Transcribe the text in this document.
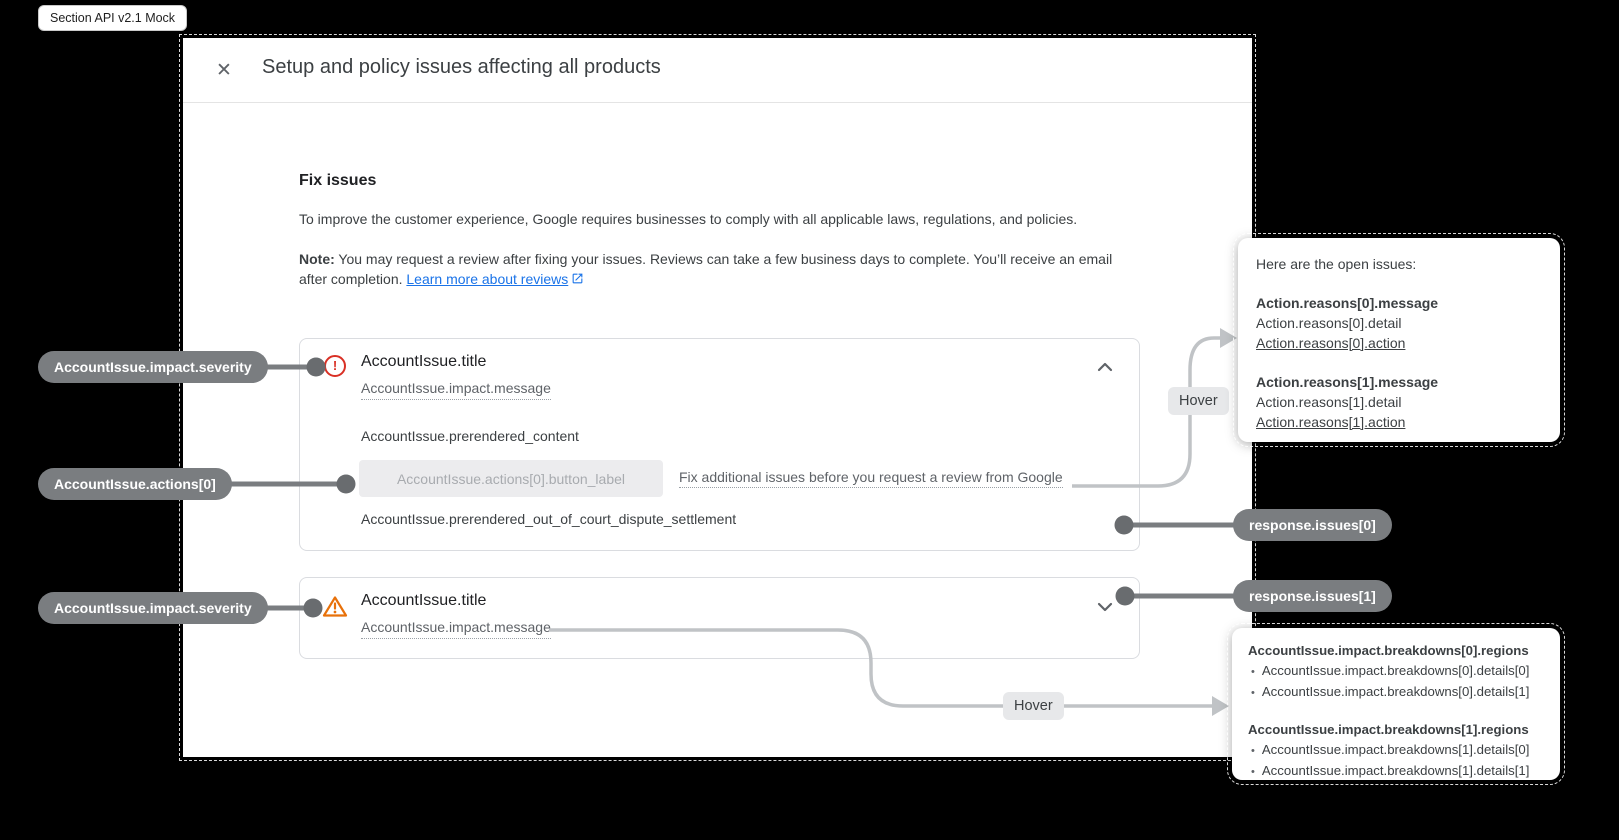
Section API v2.1 Mock
✕ Setup and policy issues affecting all products
Fix issues
To improve the customer experience, Google requires businesses to comply with all applicable laws, regulations, and policies.
Note: You may request a review after fixing your issues. Reviews can take a few business days to complete. You’ll receive an email after completion. Learn more about reviews
!	AccountIssue.title
AccountIssue.impact.message
AccountIssue.prerendered_content
AccountIssue.actions[0].button_label	Fix additional issues before you request a review from Google
AccountIssue.prerendered_out_of_court_dispute_settlement
AccountIssue.title
AccountIssue.impact.message
AccountIssue.impact.severity
AccountIssue.actions[0]
AccountIssue.impact.severity
response.issues[0]
response.issues[1]
Hover
Hover
Here are the open issues:
Action.reasons[0].message
Action.reasons[0].detail
Action.reasons[0].action
Action.reasons[1].message
Action.reasons[1].detail
Action.reasons[1].action
AccountIssue.impact.breakdowns[0].regions
• AccountIssue.impact.breakdowns[0].details[0]
• AccountIssue.impact.breakdowns[0].details[1]
AccountIssue.impact.breakdowns[1].regions
• AccountIssue.impact.breakdowns[1].details[0]
• AccountIssue.impact.breakdowns[1].details[1]
